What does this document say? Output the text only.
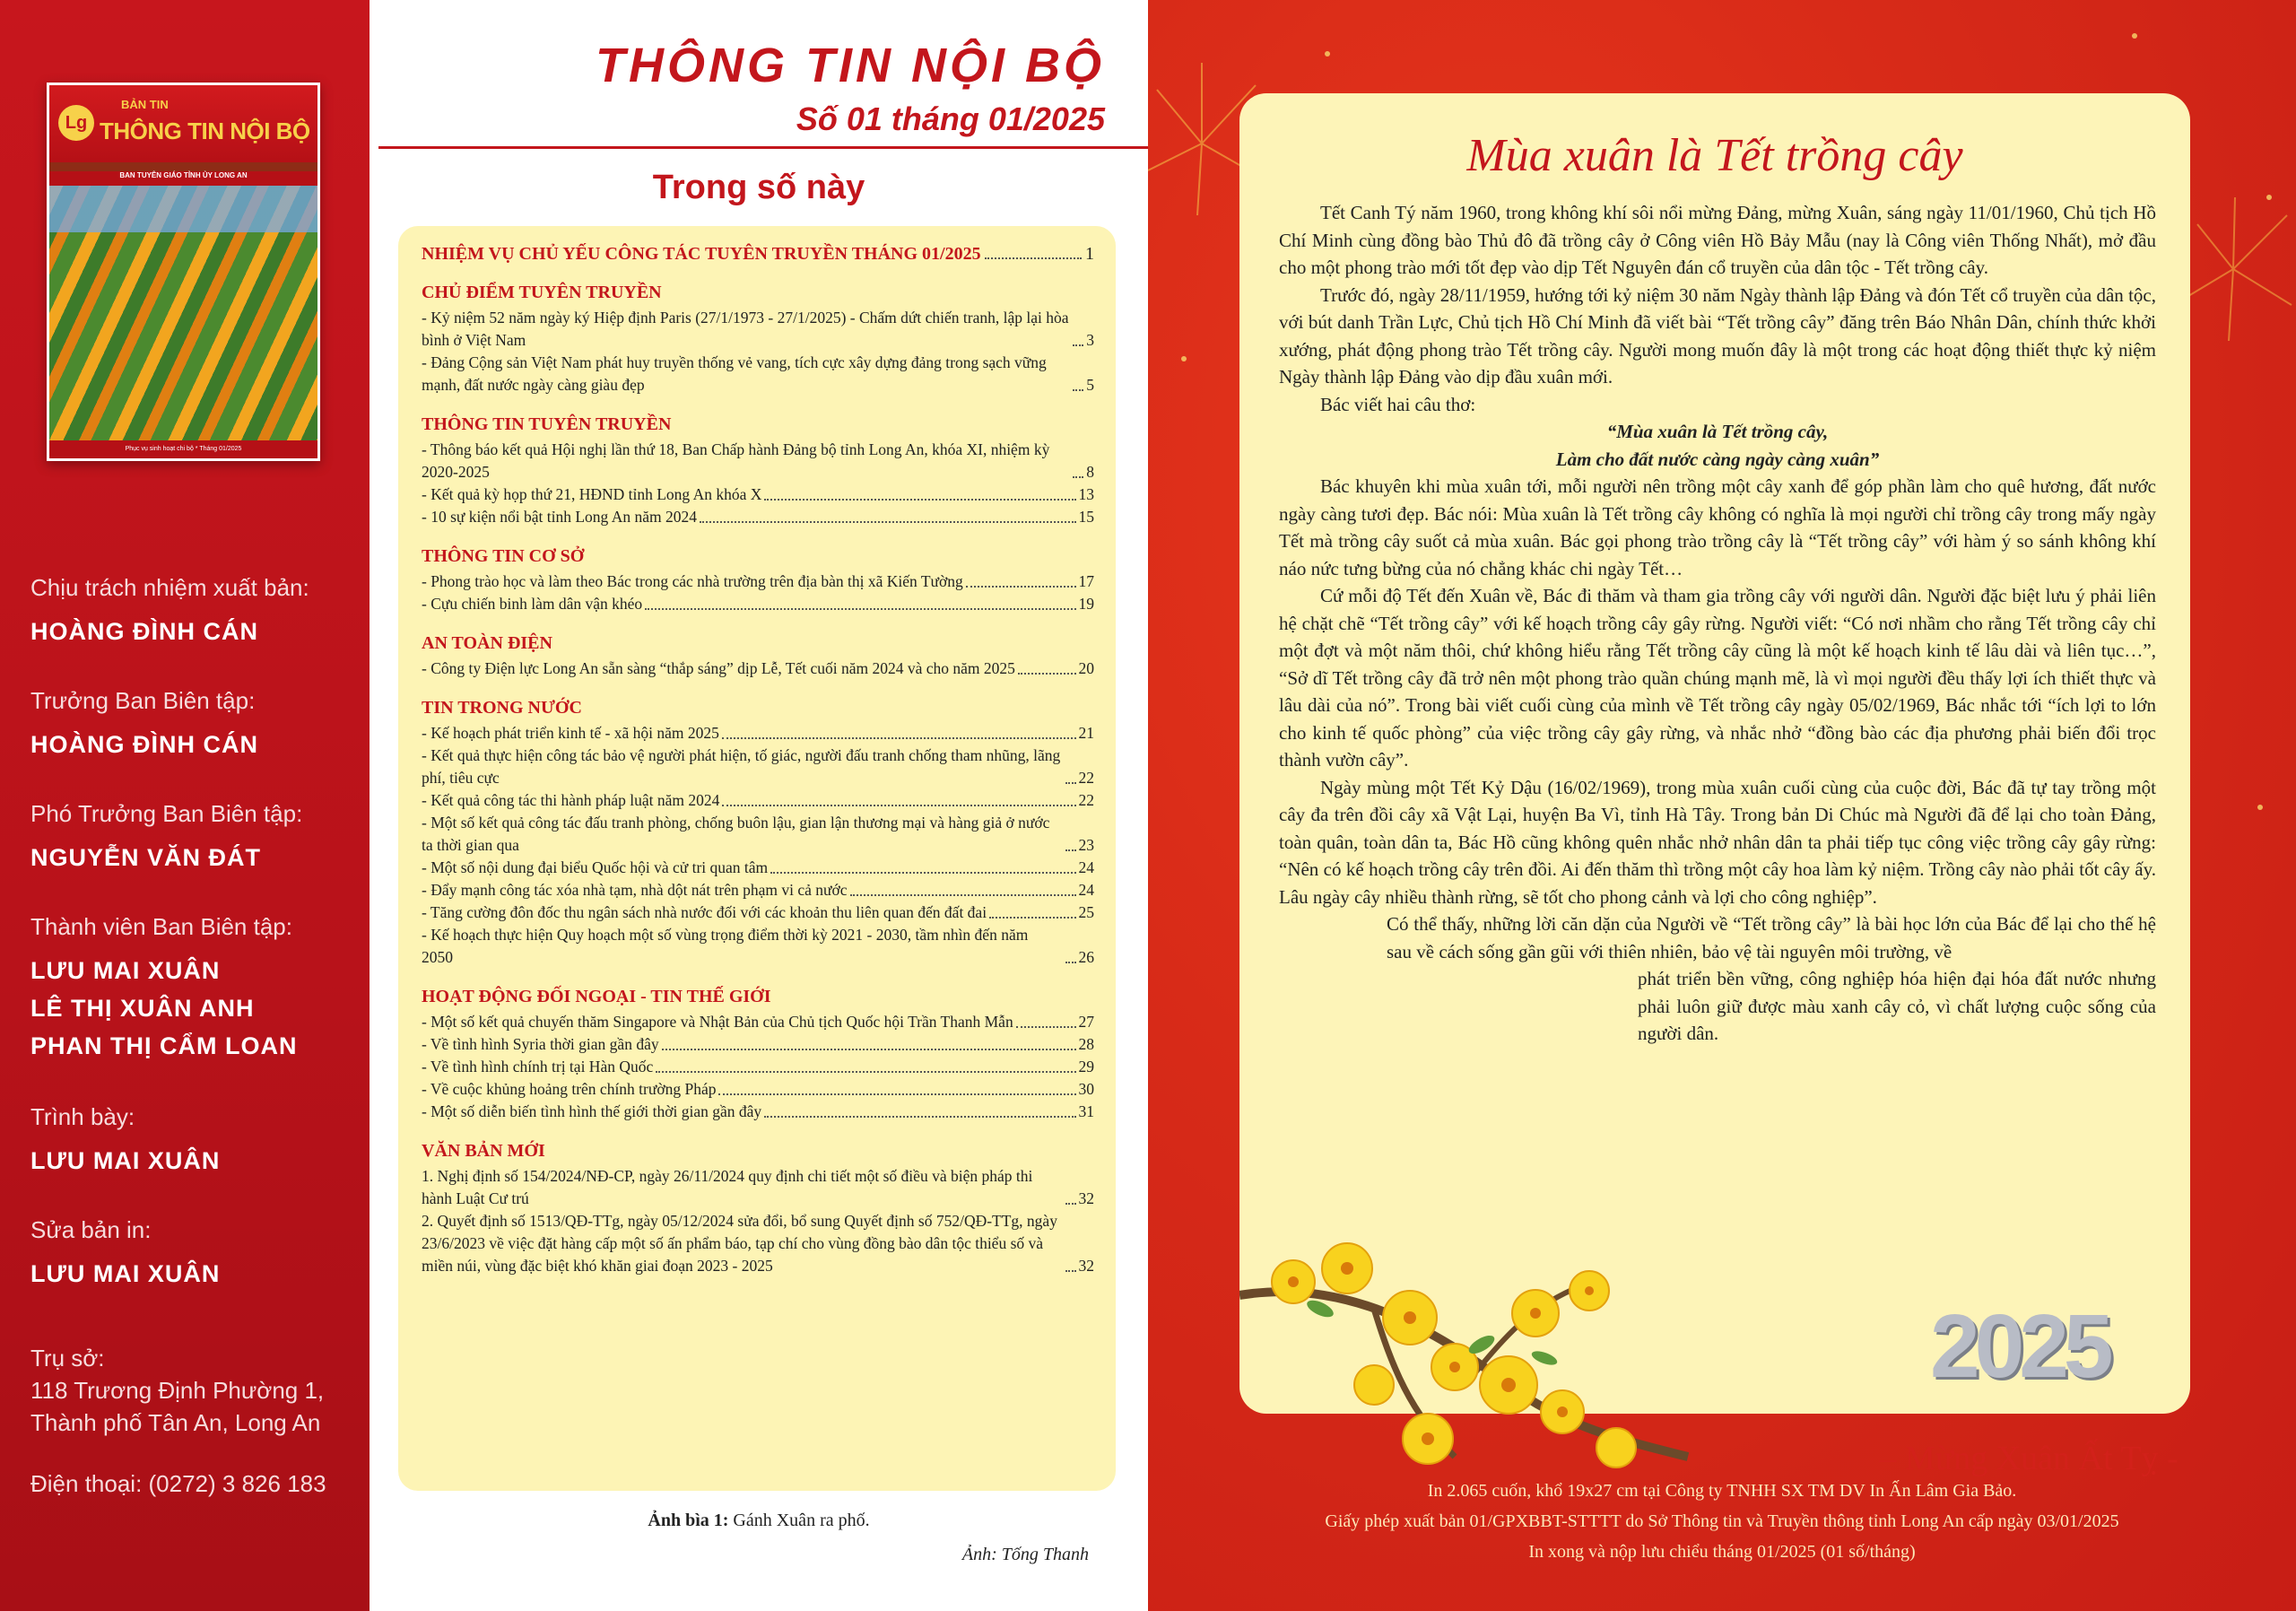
Lg
BẢN TIN
THÔNG TIN NỘI BỘ
BAN TUYÊN GIÁO TỈNH ỦY LONG AN
Phục vụ sinh hoạt chi bộ * Tháng 01/2025
Chịu trách nhiệm xuất bản:
HOÀNG ĐÌNH CÁN
Trưởng Ban Biên tập:
HOÀNG ĐÌNH CÁN
Phó Trưởng Ban Biên tập:
NGUYỄN VĂN ĐÁT
Thành viên Ban Biên tập:
LƯU MAI XUÂN
LÊ THỊ XUÂN ANH
PHAN THỊ CẨM LOAN
Trình bày:
LƯU MAI XUÂN
Sửa bản in:
LƯU MAI XUÂN
Trụ sở:
118 Trương Định Phường 1,
Thành phố Tân An, Long An
Điện thoại: (0272) 3 826 183
THÔNG TIN NỘI BỘ
Số 01 tháng 01/2025
Trong số này
NHIỆM VỤ CHỦ YẾU CÔNG TÁC TUYÊN TRUYỀN THÁNG 01/2025	1
CHỦ ĐIỂM TUYÊN TRUYỀN
- Kỷ niệm 52 năm ngày ký Hiệp định Paris (27/1/1973 - 27/1/2025) - Chấm dứt chiến tranh, lập lại hòa bình ở Việt Nam	3
- Đảng Cộng sản Việt Nam phát huy truyền thống vẻ vang, tích cực xây dựng đảng trong sạch vững mạnh, đất nước ngày càng giàu đẹp	5
THÔNG TIN TUYÊN TRUYỀN
- Thông báo kết quả Hội nghị lần thứ 18, Ban Chấp hành Đảng bộ tỉnh Long An, khóa XI, nhiệm kỳ 2020-2025	8
- Kết quả kỳ họp thứ 21, HĐND tỉnh Long An khóa X	13
- 10 sự kiện nổi bật tỉnh Long An năm 2024	15
THÔNG TIN CƠ SỞ
- Phong trào học và làm theo Bác trong các nhà trường trên địa bàn thị xã Kiến Tường	17
- Cựu chiến binh làm dân vận khéo	19
AN TOÀN ĐIỆN
- Công ty Điện lực Long An sẵn sàng “thắp sáng” dịp Lễ, Tết cuối năm 2024 và cho năm 2025	20
TIN TRONG NƯỚC
- Kế hoạch phát triển kinh tế - xã hội năm 2025	21
- Kết quả thực hiện công tác bảo vệ người phát hiện, tố giác, người đấu tranh chống tham nhũng, lãng phí, tiêu cực	22
- Kết quả công tác thi hành pháp luật năm 2024	22
- Một số kết quả công tác đấu tranh phòng, chống buôn lậu, gian lận thương mại và hàng giả ở nước ta thời gian qua	23
- Một số nội dung đại biểu Quốc hội và cử tri quan tâm	24
- Đẩy mạnh công tác xóa nhà tạm, nhà dột nát trên phạm vi cả nước	24
- Tăng cường đôn đốc thu ngân sách nhà nước đối với các khoản thu liên quan đến đất đai	25
- Kế hoạch thực hiện Quy hoạch một số vùng trọng điểm thời kỳ 2021 - 2030, tầm nhìn đến năm 2050	26
HOẠT ĐỘNG ĐỐI NGOẠI - TIN THẾ GIỚI
- Một số kết quả chuyến thăm Singapore và Nhật Bản của Chủ tịch Quốc hội Trần Thanh Mẫn	27
- Về tình hình Syria thời gian gần đây	28
- Về tình hình chính trị tại Hàn Quốc	29
- Về cuộc khủng hoảng trên chính trường Pháp	30
- Một số diễn biến tình hình thế giới thời gian gần đây	31
VĂN BẢN MỚI
1. Nghị định số 154/2024/NĐ-CP, ngày 26/11/2024 quy định chi tiết một số điều và biện pháp thi hành Luật Cư trú	32
2. Quyết định số 1513/QĐ-TTg, ngày 05/12/2024 sửa đổi, bổ sung Quyết định số 752/QĐ-TTg, ngày 23/6/2023 về việc đặt hàng cấp một số ấn phẩm báo, tạp chí cho vùng đồng bào dân tộc thiểu số và miền núi, vùng đặc biệt khó khăn giai đoạn 2023 - 2025	32
Ảnh bìa 1: Gánh Xuân ra phố.
Ảnh: Tống Thanh
Mùa xuân là Tết trồng cây

Tết Canh Tý năm 1960, trong không khí sôi nổi mừng Đảng, mừng Xuân, sáng ngày 11/01/1960, Chủ tịch Hồ Chí Minh cùng đồng bào Thủ đô đã trồng cây ở Công viên Hồ Bảy Mẫu (nay là Công viên Thống Nhất), mở đầu cho một phong trào mới tốt đẹp vào dịp Tết Nguyên đán cổ truyền của dân tộc - Tết trồng cây.

Trước đó, ngày 28/11/1959, hướng tới kỷ niệm 30 năm Ngày thành lập Đảng và đón Tết cổ truyền của dân tộc, với bút danh Trần Lực, Chủ tịch Hồ Chí Minh đã viết bài “Tết trồng cây” đăng trên Báo Nhân Dân, chính thức khởi xướng, phát động phong trào Tết trồng cây. Người mong muốn đây là một trong các hoạt động thiết thực kỷ niệm Ngày thành lập Đảng vào dịp đầu xuân mới.

Bác viết hai câu thơ:

“Mùa xuân là Tết trồng cây,

Làm cho đất nước càng ngày càng xuân”

Bác khuyên khi mùa xuân tới, mỗi người nên trồng một cây xanh để góp phần làm cho quê hương, đất nước ngày càng tươi đẹp. Bác nói: Mùa xuân là Tết trồng cây không có nghĩa là mọi người chỉ trồng cây trong mấy ngày Tết mà trồng cây suốt cả mùa xuân. Bác gọi phong trào trồng cây là “Tết trồng cây” với hàm ý so sánh không khí náo nức tưng bừng của nó chẳng khác chi ngày Tết…

Cứ mỗi độ Tết đến Xuân về, Bác đi thăm và tham gia trồng cây với người dân. Người đặc biệt lưu ý phải liên hệ chặt chẽ “Tết trồng cây” với kế hoạch trồng cây gây rừng. Người viết: “Có nơi nhầm cho rằng Tết trồng cây chỉ một đợt và một năm thôi, chứ không hiểu rằng Tết trồng cây cũng là một kế hoạch kinh tế lâu dài và liên tục…”, “Sở dĩ Tết trồng cây đã trở nên một phong trào quần chúng mạnh mẽ, là vì mọi người đều thấy lợi ích thiết thực và lâu dài của nó”. Trong bài viết cuối cùng của mình về Tết trồng cây ngày 05/02/1969, Bác nhắc tới “ích lợi to lớn cho kinh tế quốc phòng” của việc trồng cây gây rừng, và nhắc nhở “đồng bào các địa phương phải biến đổi trọc thành vườn cây”.

Ngày mùng một Tết Kỷ Dậu (16/02/1969), trong mùa xuân cuối cùng của cuộc đời, Bác đã tự tay trồng một cây đa trên đồi cây xã Vật Lại, huyện Ba Vì, tỉnh Hà Tây. Trong bản Di Chúc mà Người đã để lại cho toàn Đảng, toàn quân, toàn dân ta, Bác Hồ cũng không quên nhắc nhở nhân dân ta phải tiếp tục công việc trồng cây gây rừng: “Nên có kế hoạch trồng cây trên đồi. Ai đến thăm thì trồng một cây hoa làm kỷ niệm. Trồng cây nào phải tốt cây ấy. Lâu ngày cây nhiều thành rừng, sẽ tốt cho phong cảnh và lợi cho công nghiệp”.

Có thể thấy, những lời căn dặn của Người về “Tết trồng cây” là bài học lớn của Bác để lại cho thế hệ sau về cách sống gần gũi với thiên nhiên, bảo vệ tài nguyên môi trường, về

phát triển bền vững, công nghiệp hóa hiện đại hóa đất nước nhưng phải luôn giữ được màu xanh cây cỏ, vì chất lượng cuộc sống của người dân.

2025
– Mừng Xuân Ất Tỵ -
In 2.065 cuốn, khổ 19x27 cm tại Công ty TNHH SX TM DV In Ấn Lâm Gia Bảo.
Giấy phép xuất bản 01/GPXBBT-STTTT do Sở Thông tin và Truyền thông tỉnh Long An cấp ngày 03/01/2025
In xong và nộp lưu chiểu tháng 01/2025 (01 số/tháng)
